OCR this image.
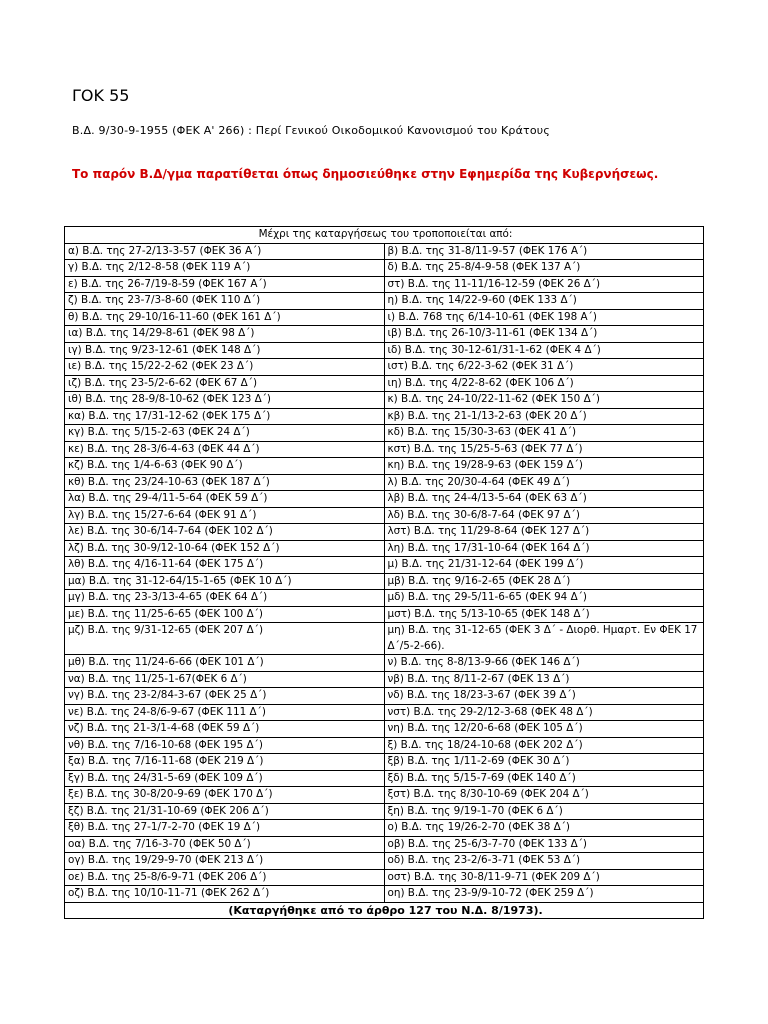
ΓΟΚ 55
Β.Δ. 9/30-9-1955 (ΦΕΚ Α' 266) : Περί Γενικού Οικοδομικού Κανονισμού του Κράτους
Το παρόν Β.Δ/γμα παρατίθεται όπως δημοσιεύθηκε στην Εφημερίδα της Κυβερνήσεως.
Μέχρι της καταργήσεως του τροποποιείται από:	
α) Β.Δ. της 27-2/13-3-57 (ΦΕΚ 36 Α΄)	β) Β.Δ. της 31-8/11-9-57 (ΦΕΚ 176 Α΄)
γ) Β.Δ. της 2/12-8-58 (ΦΕΚ 119 Α΄)	δ) Β.Δ. της 25-8/4-9-58 (ΦΕΚ 137 Α΄)
ε) Β.Δ. της 26-7/19-8-59 (ΦΕΚ 167 Α΄)	στ) Β.Δ. της 11-11/16-12-59 (ΦΕΚ 26 Δ΄)
ζ) Β.Δ. της 23-7/3-8-60 (ΦΕΚ 110 Δ΄)	η) Β.Δ. της 14/22-9-60 (ΦΕΚ 133 Δ΄)
θ) Β.Δ. της 29-10/16-11-60 (ΦΕΚ 161 Δ΄)	ι) Β.Δ. 768 της 6/14-10-61 (ΦΕΚ 198 Α΄)
ια) Β.Δ. της 14/29-8-61 (ΦΕΚ 98 Δ΄)	ιβ) Β.Δ. της 26-10/3-11-61 (ΦΕΚ 134 Δ΄)
ιγ) Β.Δ. της 9/23-12-61 (ΦΕΚ 148 Δ΄)	ιδ) Β.Δ. της 30-12-61/31-1-62 (ΦΕΚ 4 Δ΄)
ιε) Β.Δ. της 15/22-2-62 (ΦΕΚ 23 Δ΄)	ιστ) Β.Δ. της 6/22-3-62 (ΦΕΚ 31 Δ΄)
ιζ) Β.Δ. της 23-5/2-6-62 (ΦΕΚ 67 Δ΄)	ιη) Β.Δ. της 4/22-8-62 (ΦΕΚ 106 Δ΄)
ιθ) Β.Δ. της 28-9/8-10-62 (ΦΕΚ 123 Δ΄)	κ) Β.Δ. της 24-10/22-11-62 (ΦΕΚ 150 Δ΄)
κα) Β.Δ. της 17/31-12-62 (ΦΕΚ 175 Δ΄)	κβ) Β.Δ. της 21-1/13-2-63 (ΦΕΚ 20 Δ΄)
κγ) Β.Δ. της 5/15-2-63 (ΦΕΚ 24 Δ΄)	κδ) Β.Δ. της 15/30-3-63 (ΦΕΚ 41 Δ΄)
κε) Β.Δ. της 28-3/6-4-63 (ΦΕΚ 44 Δ΄)	κστ) Β.Δ. της 15/25-5-63 (ΦΕΚ 77 Δ΄)
κζ) Β.Δ. της 1/4-6-63 (ΦΕΚ 90 Δ΄)	κη) Β.Δ. της 19/28-9-63 (ΦΕΚ 159 Δ΄)
κθ) Β.Δ. της 23/24-10-63 (ΦΕΚ 187 Δ΄)	λ) Β.Δ. της 20/30-4-64 (ΦΕΚ 49 Δ΄)
λα) Β.Δ. της 29-4/11-5-64 (ΦΕΚ 59 Δ΄)	λβ) Β.Δ. της 24-4/13-5-64 (ΦΕΚ 63 Δ΄)
λγ) Β.Δ. της 15/27-6-64 (ΦΕΚ 91 Δ΄)	λδ) Β.Δ. της 30-6/8-7-64 (ΦΕΚ 97 Δ΄)
λε) Β.Δ. της 30-6/14-7-64 (ΦΕΚ 102 Δ΄)	λστ) Β.Δ. της 11/29-8-64 (ΦΕΚ 127 Δ΄)
λζ) Β.Δ. της 30-9/12-10-64 (ΦΕΚ 152 Δ΄)	λη) Β.Δ. της 17/31-10-64 (ΦΕΚ 164 Δ΄)
λθ) Β.Δ. της 4/16-11-64 (ΦΕΚ 175 Δ΄)	μ) Β.Δ. της 21/31-12-64 (ΦΕΚ 199 Δ΄)
μα) Β.Δ. της 31-12-64/15-1-65 (ΦΕΚ 10 Δ΄)	μβ) Β.Δ. της 9/16-2-65 (ΦΕΚ 28 Δ΄)
μγ) Β.Δ. της 23-3/13-4-65 (ΦΕΚ 64 Δ΄)	μδ) Β.Δ. της 29-5/11-6-65 (ΦΕΚ 94 Δ΄)
με) Β.Δ. της 11/25-6-65 (ΦΕΚ 100 Δ΄)	μστ) Β.Δ. της 5/13-10-65 (ΦΕΚ 148 Δ΄)
μζ) Β.Δ. της 9/31-12-65 (ΦΕΚ 207 Δ΄)	μη) Β.Δ. της 31-12-65 (ΦΕΚ 3 Δ΄ - Διορθ. Ημαρτ. Εν ΦΕΚ 17 Δ΄/5-2-66).
μθ) Β.Δ. της 11/24-6-66 (ΦΕΚ 101 Δ΄)	ν) Β.Δ. της 8-8/13-9-66 (ΦΕΚ 146 Δ΄)
να) Β.Δ. της 11/25-1-67(ΦΕΚ 6 Δ΄)	νβ) Β.Δ. της 8/11-2-67 (ΦΕΚ 13 Δ΄)
νγ) Β.Δ. της 23-2/84-3-67 (ΦΕΚ 25 Δ΄)	νδ) Β.Δ. της 18/23-3-67 (ΦΕΚ 39 Δ΄)
νε) Β.Δ. της 24-8/6-9-67 (ΦΕΚ 111 Δ΄)	νστ) Β.Δ. της 29-2/12-3-68 (ΦΕΚ 48 Δ΄)
νζ) Β.Δ. της 21-3/1-4-68 (ΦΕΚ 59 Δ΄)	νη) Β.Δ. της 12/20-6-68 (ΦΕΚ 105 Δ΄)
νθ) Β.Δ. της 7/16-10-68 (ΦΕΚ 195 Δ΄)	ξ) Β.Δ. της 18/24-10-68 (ΦΕΚ 202 Δ΄)
ξα) Β.Δ. της 7/16-11-68 (ΦΕΚ 219 Δ΄)	ξβ) Β.Δ. της 1/11-2-69 (ΦΕΚ 30 Δ΄)
ξγ) Β.Δ. της 24/31-5-69 (ΦΕΚ 109 Δ΄)	ξδ) Β.Δ. της 5/15-7-69 (ΦΕΚ 140 Δ΄)
ξε) Β.Δ. της 30-8/20-9-69 (ΦΕΚ 170 Δ΄)	ξστ) Β.Δ. της 8/30-10-69 (ΦΕΚ 204 Δ΄)
ξζ) Β.Δ. της 21/31-10-69 (ΦΕΚ 206 Δ΄)	ξη) Β.Δ. της 9/19-1-70 (ΦΕΚ 6 Δ΄)
ξθ) Β.Δ. της 27-1/7-2-70 (ΦΕΚ 19 Δ΄)	ο) Β.Δ. της 19/26-2-70 (ΦΕΚ 38 Δ΄)
οα) Β.Δ. της 7/16-3-70 (ΦΕΚ 50 Δ΄)	οβ) Β.Δ. της 25-6/3-7-70 (ΦΕΚ 133 Δ΄)
ογ) Β.Δ. της 19/29-9-70 (ΦΕΚ 213 Δ΄)	οδ) Β.Δ. της 23-2/6-3-71 (ΦΕΚ 53 Δ΄)
οε) Β.Δ. της 25-8/6-9-71 (ΦΕΚ 206 Δ΄)	οστ) Β.Δ. της 30-8/11-9-71 (ΦΕΚ 209 Δ΄)
οζ) Β.Δ. της 10/10-11-71 (ΦΕΚ 262 Δ΄)	οη) Β.Δ. της 23-9/9-10-72 (ΦΕΚ 259 Δ΄)
(Καταργήθηκε από το άρθρο 127 του Ν.Δ. 8/1973).	
